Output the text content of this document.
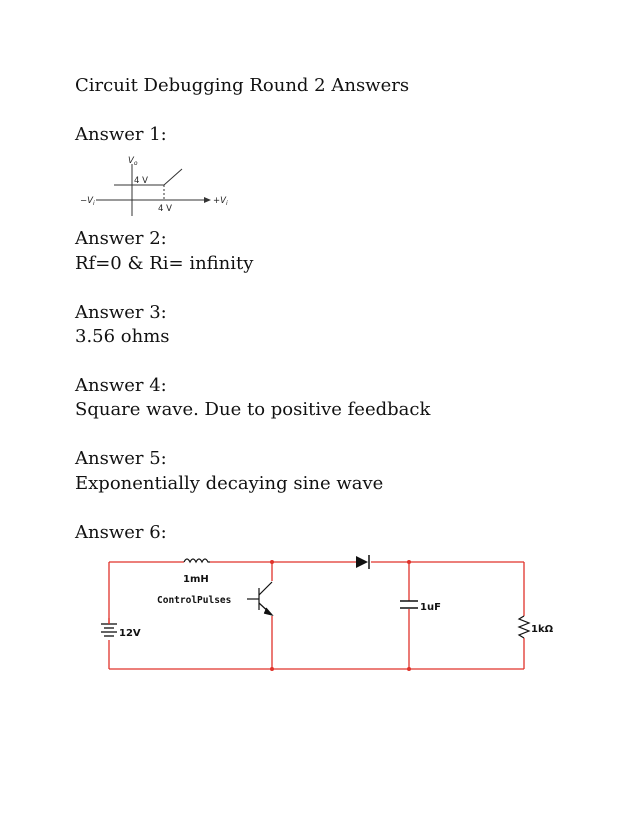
Circuit Debugging Round 2 Answers
Answer 1:
$V_o$
4 V
4 V
$+V_i$
$-V_i$
Answer 2:
Rf=0 & Ri= infinity
Answer 3:
3.56 ohms
Answer 4:
Square wave. Due to positive feedback
Answer 5:
Exponentially decaying sine wave
Answer 6:
1mH
ControlPulses
1uF
1kΩ
12V
